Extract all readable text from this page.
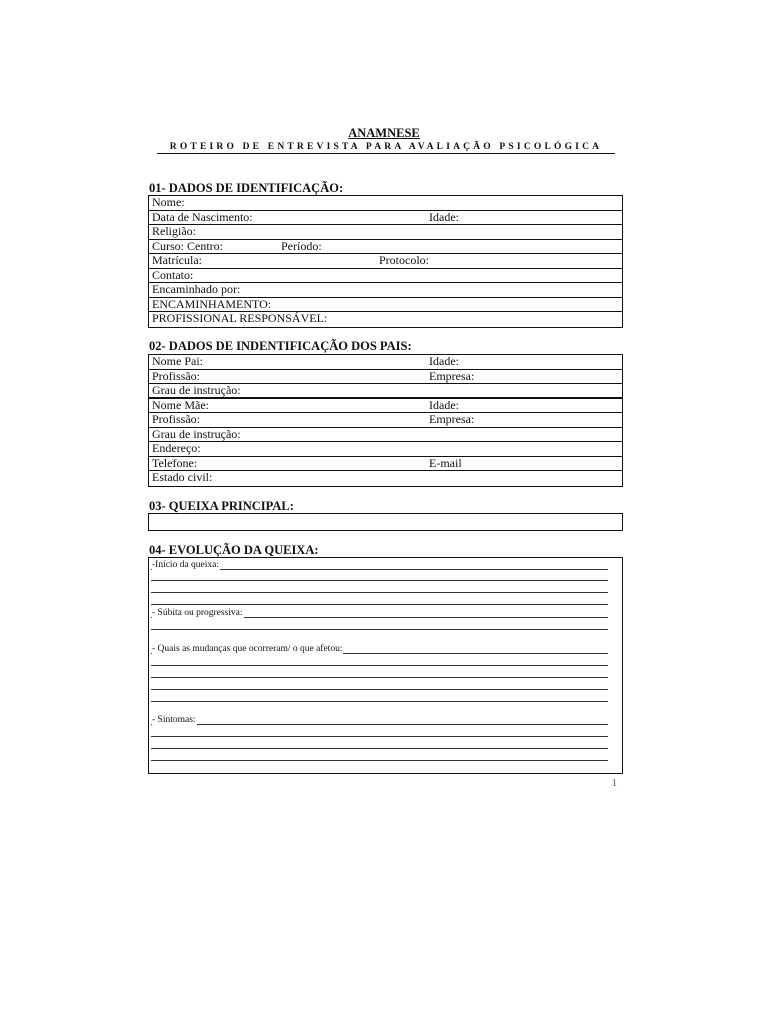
ANAMNESE
ROTEIRO DE ENTREVISTA PARA AVALIAÇÃO PSICOLÓGICA
01- DADOS DE IDENTIFICAÇÃO:
Nome:
Data de Nascimento:	Idade:
Religião:
Curso: Centro:	Período:
Matrícula:	Protocolo:
Contato:
Encaminhado por:
ENCAMINHAMENTO:
PROFISSIONAL RESPONSÁVEL:
02- DADOS DE INDENTIFICAÇÃO DOS PAIS:
Nome Pai:	Idade:
Profissão:	Empresa:
Grau de instrução:
Nome Mãe:	Idade:
Profissão:	Empresa:
Grau de instrução:
Endereço:
Telefone:	E-mail
Estado civil:
03- QUEIXA PRINCIPAL:
04- EVOLUÇÃO DA QUEIXA:
-Início da queixa:
- Súbita ou progressiva:
- Quais as mudanças que ocorreram/ o que afetou:
- Sintomas:
1
